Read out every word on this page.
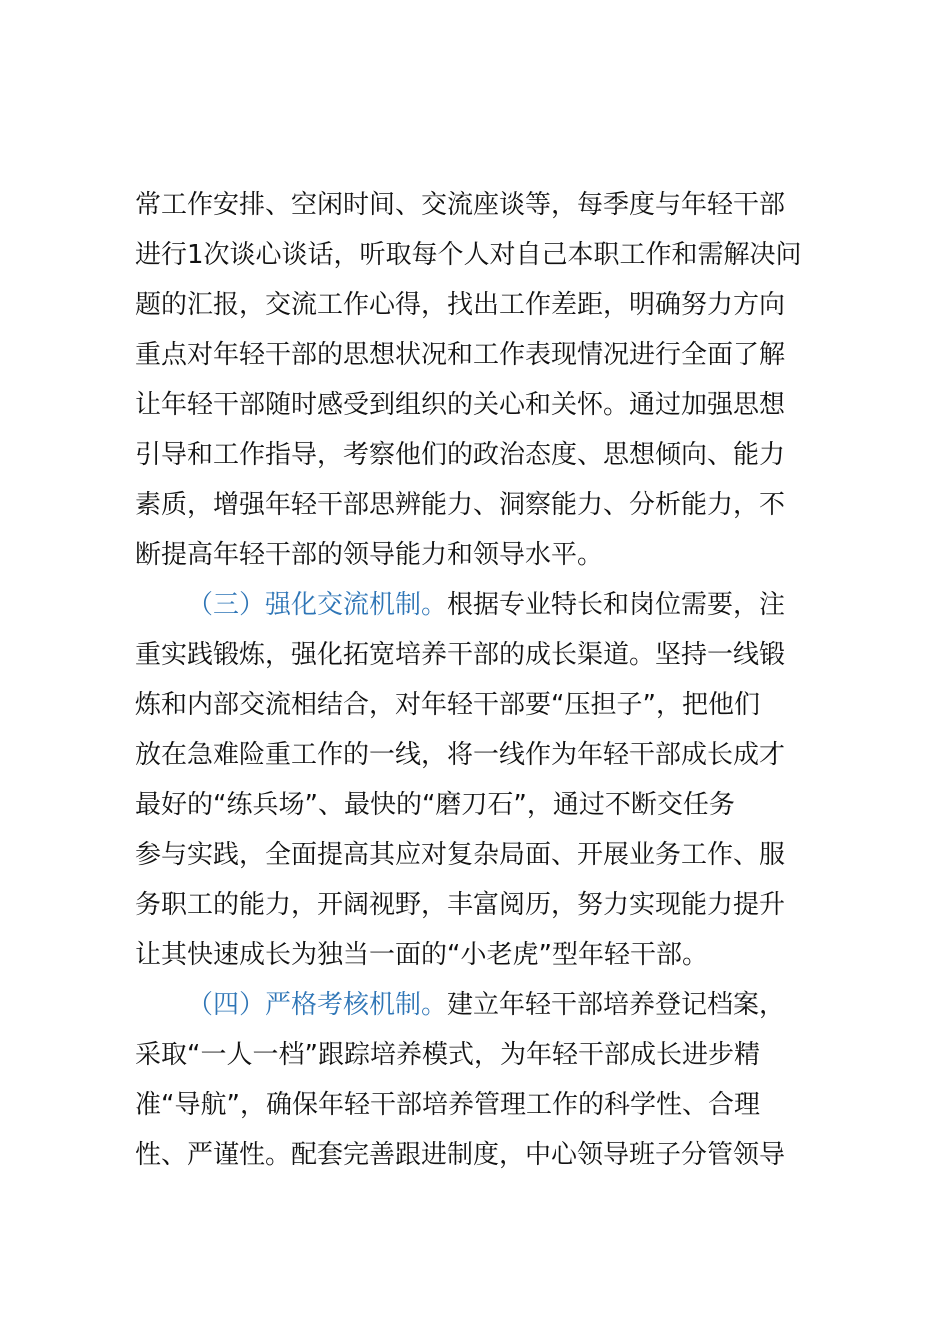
常工作安排、空闲时间、交流座谈等，每季度与年轻干部

进行1次谈心谈话，听取每个人对自己本职工作和需解决问

题的汇报，交流工作心得，找出工作差距，明确努力方向

重点对年轻干部的思想状况和工作表现情况进行全面了解

让年轻干部随时感受到组织的关心和关怀。通过加强思想

引导和工作指导，考察他们的政治态度、思想倾向、能力

素质，增强年轻干部思辨能力、洞察能力、分析能力，不

断提高年轻干部的领导能力和领导水平。

（三）强化交流机制。根据专业特长和岗位需要，注

重实践锻炼，强化拓宽培养干部的成长渠道。坚持一线锻

炼和内部交流相结合，对年轻干部要“压担子”，把他们

放在急难险重工作的一线，将一线作为年轻干部成长成才

最好的“练兵场”、最快的“磨刀石”，通过不断交任务

参与实践，全面提高其应对复杂局面、开展业务工作、服

务职工的能力，开阔视野，丰富阅历，努力实现能力提升

让其快速成长为独当一面的“小老虎”型年轻干部。

（四）严格考核机制。建立年轻干部培养登记档案，

采取“一人一档”跟踪培养模式，为年轻干部成长进步精

准“导航”，确保年轻干部培养管理工作的科学性、合理

性、严谨性。配套完善跟进制度，中心领导班子分管领导
